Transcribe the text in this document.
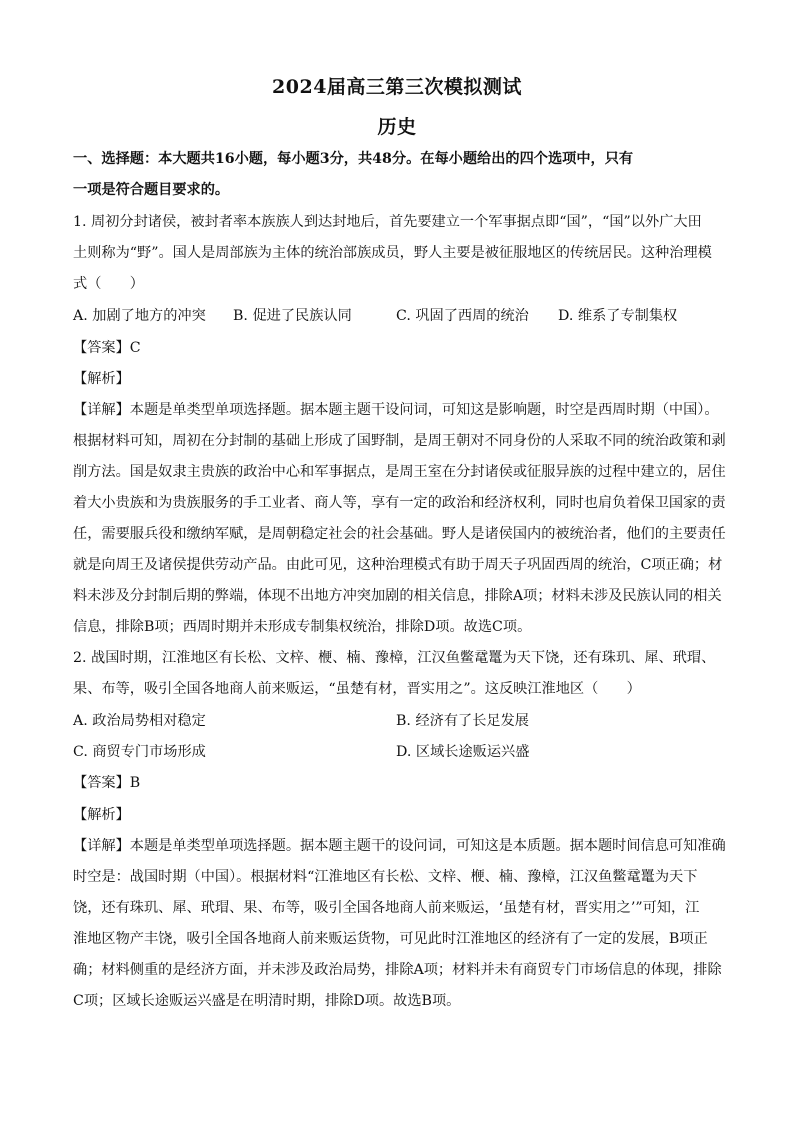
2024届高三第三次模拟测试
历史
一、选择题：本大题共16小题，每小题3分，共48分。在每小题给出的四个选项中，只有
一项是符合题目要求的。
1. 周初分封诸侯，被封者率本族族人到达封地后，首先要建立一个军事据点即“国”，“国”以外广大田
土则称为“野”。国人是周部族为主体的统治部族成员，野人主要是被征服地区的传统居民。这种治理模
式（　　）
A. 加剧了地方的冲突 B. 促进了民族认同	C. 巩固了西周的统治 D. 维系了专制集权
【答案】C
【解析】
【详解】本题是单类型单项选择题。据本题主题干设问词，可知这是影响题，时空是西周时期（中国）。
根据材料可知，周初在分封制的基础上形成了国野制，是周王朝对不同身份的人采取不同的统治政策和剥
削方法。国是奴隶主贵族的政治中心和军事据点，是周王室在分封诸侯或征服异族的过程中建立的，居住
着大小贵族和为贵族服务的手工业者、商人等，享有一定的政治和经济权利，同时也肩负着保卫国家的责
任，需要服兵役和缴纳军赋，是周朝稳定社会的社会基础。野人是诸侯国内的被统治者，他们的主要责任
就是向周王及诸侯提供劳动产品。由此可见，这种治理模式有助于周天子巩固西周的统治，C项正确；材
料未涉及分封制后期的弊端，体现不出地方冲突加剧的相关信息，排除A项；材料未涉及民族认同的相关
信息，排除B项；西周时期并未形成专制集权统治，排除D项。故选C项。
2. 战国时期，江淮地区有长松、文梓、楩、楠、豫樟，江汉鱼鳖鼋鼍为天下饶，还有珠玑、犀、玳瑁、
果、布等，吸引全国各地商人前来贩运，“虽楚有材，晋实用之”。这反映江淮地区（　　）
A. 政治局势相对稳定	B. 经济有了长足发展
C. 商贸专门市场形成	D. 区域长途贩运兴盛
【答案】B
【解析】
【详解】本题是单类型单项选择题。据本题主题干的设问词，可知这是本质题。据本题时间信息可知准确
时空是：战国时期（中国）。根据材料“江淮地区有长松、文梓、楩、楠、豫樟，江汉鱼鳖鼋鼍为天下
饶，还有珠玑、犀、玳瑁、果、布等，吸引全国各地商人前来贩运，‘虽楚有材，晋实用之’”可知，江
淮地区物产丰饶，吸引全国各地商人前来贩运货物，可见此时江淮地区的经济有了一定的发展，B项正
确；材料侧重的是经济方面，并未涉及政治局势，排除A项；材料并未有商贸专门市场信息的体现，排除
C项；区域长途贩运兴盛是在明清时期，排除D项。故选B项。
